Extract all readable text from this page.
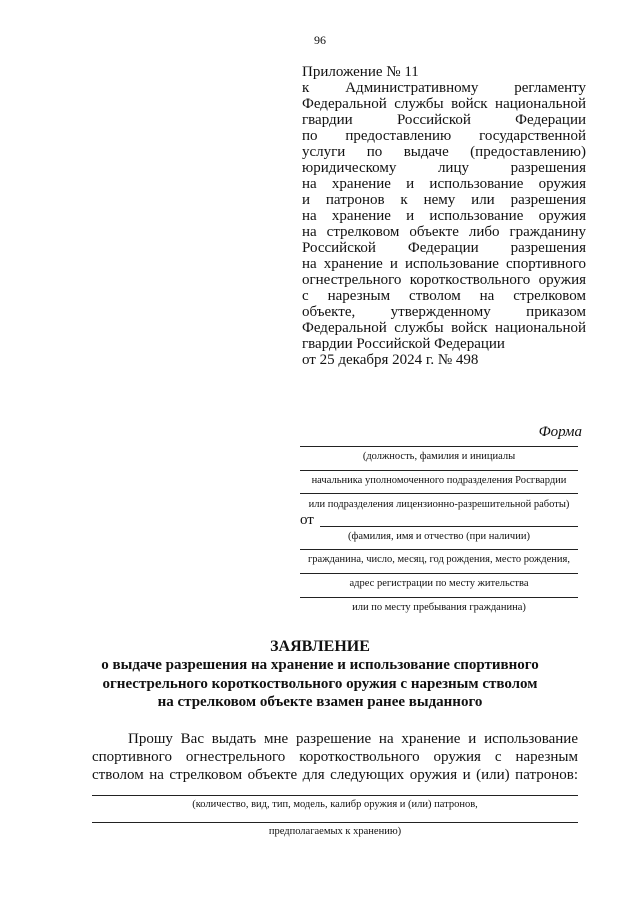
96
Приложение № 11
к Административному регламенту
Федеральной службы войск национальной
гвардии Российской Федерации
по предоставлению государственной
услуги по выдаче (предоставлению)
юридическому лицу разрешения
на хранение и использование оружия
и патронов к нему или разрешения
на хранение и использование оружия
на стрелковом объекте либо гражданину
Российской Федерации разрешения
на хранение и использование спортивного
огнестрельного короткоствольного оружия
с нарезным стволом на стрелковом
объекте, утвержденному приказом
Федеральной службы войск национальной
гвардии Российской Федерации
от 25 декабря 2024 г. № 498
Форма
(должность, фамилия и инициалы
начальника уполномоченного подразделения Росгвардии
или подразделения лицензионно-разрешительной работы)
от
(фамилия, имя и отчество (при наличии)
гражданина, число, месяц, год рождения, место рождения,
адрес регистрации по месту жительства
или по месту пребывания гражданина)
ЗАЯВЛЕНИЕ
о выдаче разрешения на хранение и использование спортивного
огнестрельного короткоствольного оружия с нарезным стволом
на стрелковом объекте взамен ранее выданного
Прошу Вас выдать мне разрешение на хранение и использование
спортивного огнестрельного короткоствольного оружия с нарезным
стволом на стрелковом объекте для следующих оружия и (или) патронов:
(количество, вид, тип, модель, калибр оружия и (или) патронов,
предполагаемых к хранению)
